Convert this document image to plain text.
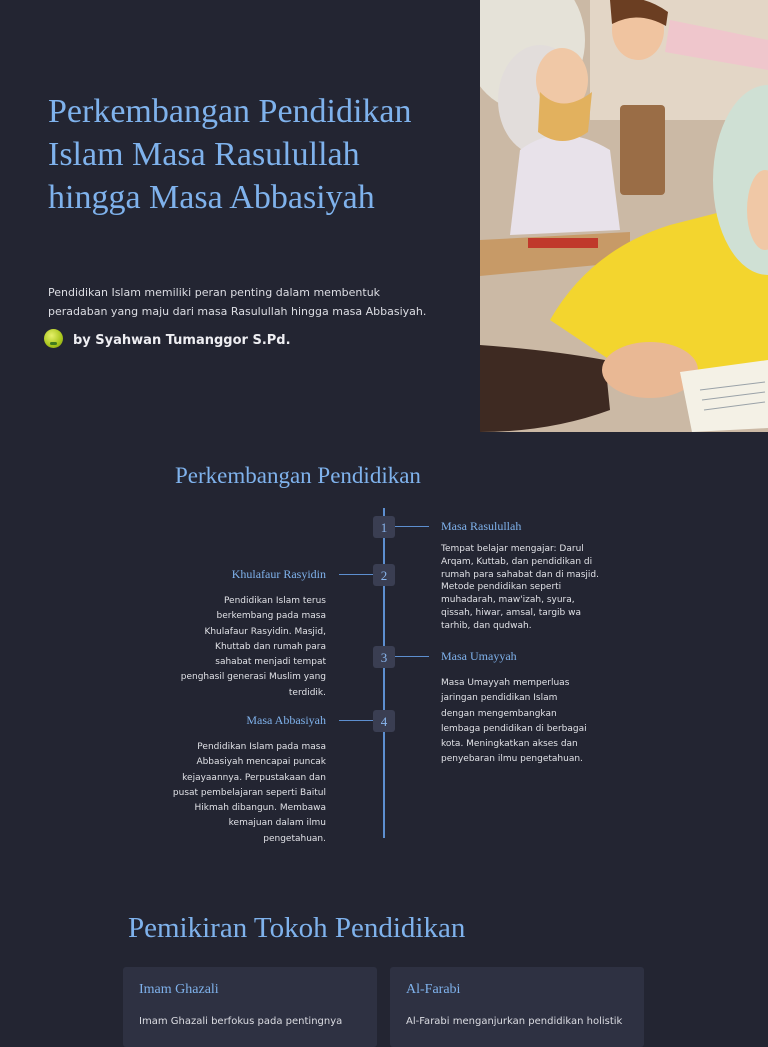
Perkembangan Pendidikan Islam Masa Rasulullah hingga Masa Abbasiyah

Pendidikan Islam memiliki peran penting dalam membentuk peradaban yang maju dari masa Rasulullah hingga masa Abbasiyah.

by Syahwan Tumanggor S.Pd.
Perkembangan Pendidikan
1	Masa Rasulullah

Tempat belajar mengajar: Darul Arqam, Kuttab, dan pendidikan di rumah para sahabat dan di masjid. Metode pendidikan seperti muhadarah, maw'izah, syura, qissah, hiwar, amsal, targib wa tarhib, dan qudwah.

2
Khulafaur Rasyidin

Pendidikan Islam terus berkembang pada masa Khulafaur Rasyidin. Masjid, Khuttab dan rumah para sahabat menjadi tempat penghasil generasi Muslim yang terdidik.

3	Masa Umayyah

Masa Umayyah memperluas jaringan pendidikan Islam dengan mengembangkan lembaga pendidikan di berbagai kota. Meningkatkan akses dan penyebaran ilmu pengetahuan.

4
Masa Abbasiyah

Pendidikan Islam pada masa Abbasiyah mencapai puncak kejayaannya. Perpustakaan dan pusat pembelajaran seperti Baitul Hikmah dibangun. Membawa kemajuan dalam ilmu pengetahuan.

Pemikiran Tokoh Pendidikan
Imam Ghazali

Imam Ghazali berfokus pada pentingnya

Al-Farabi

Al-Farabi menganjurkan pendidikan holistik
